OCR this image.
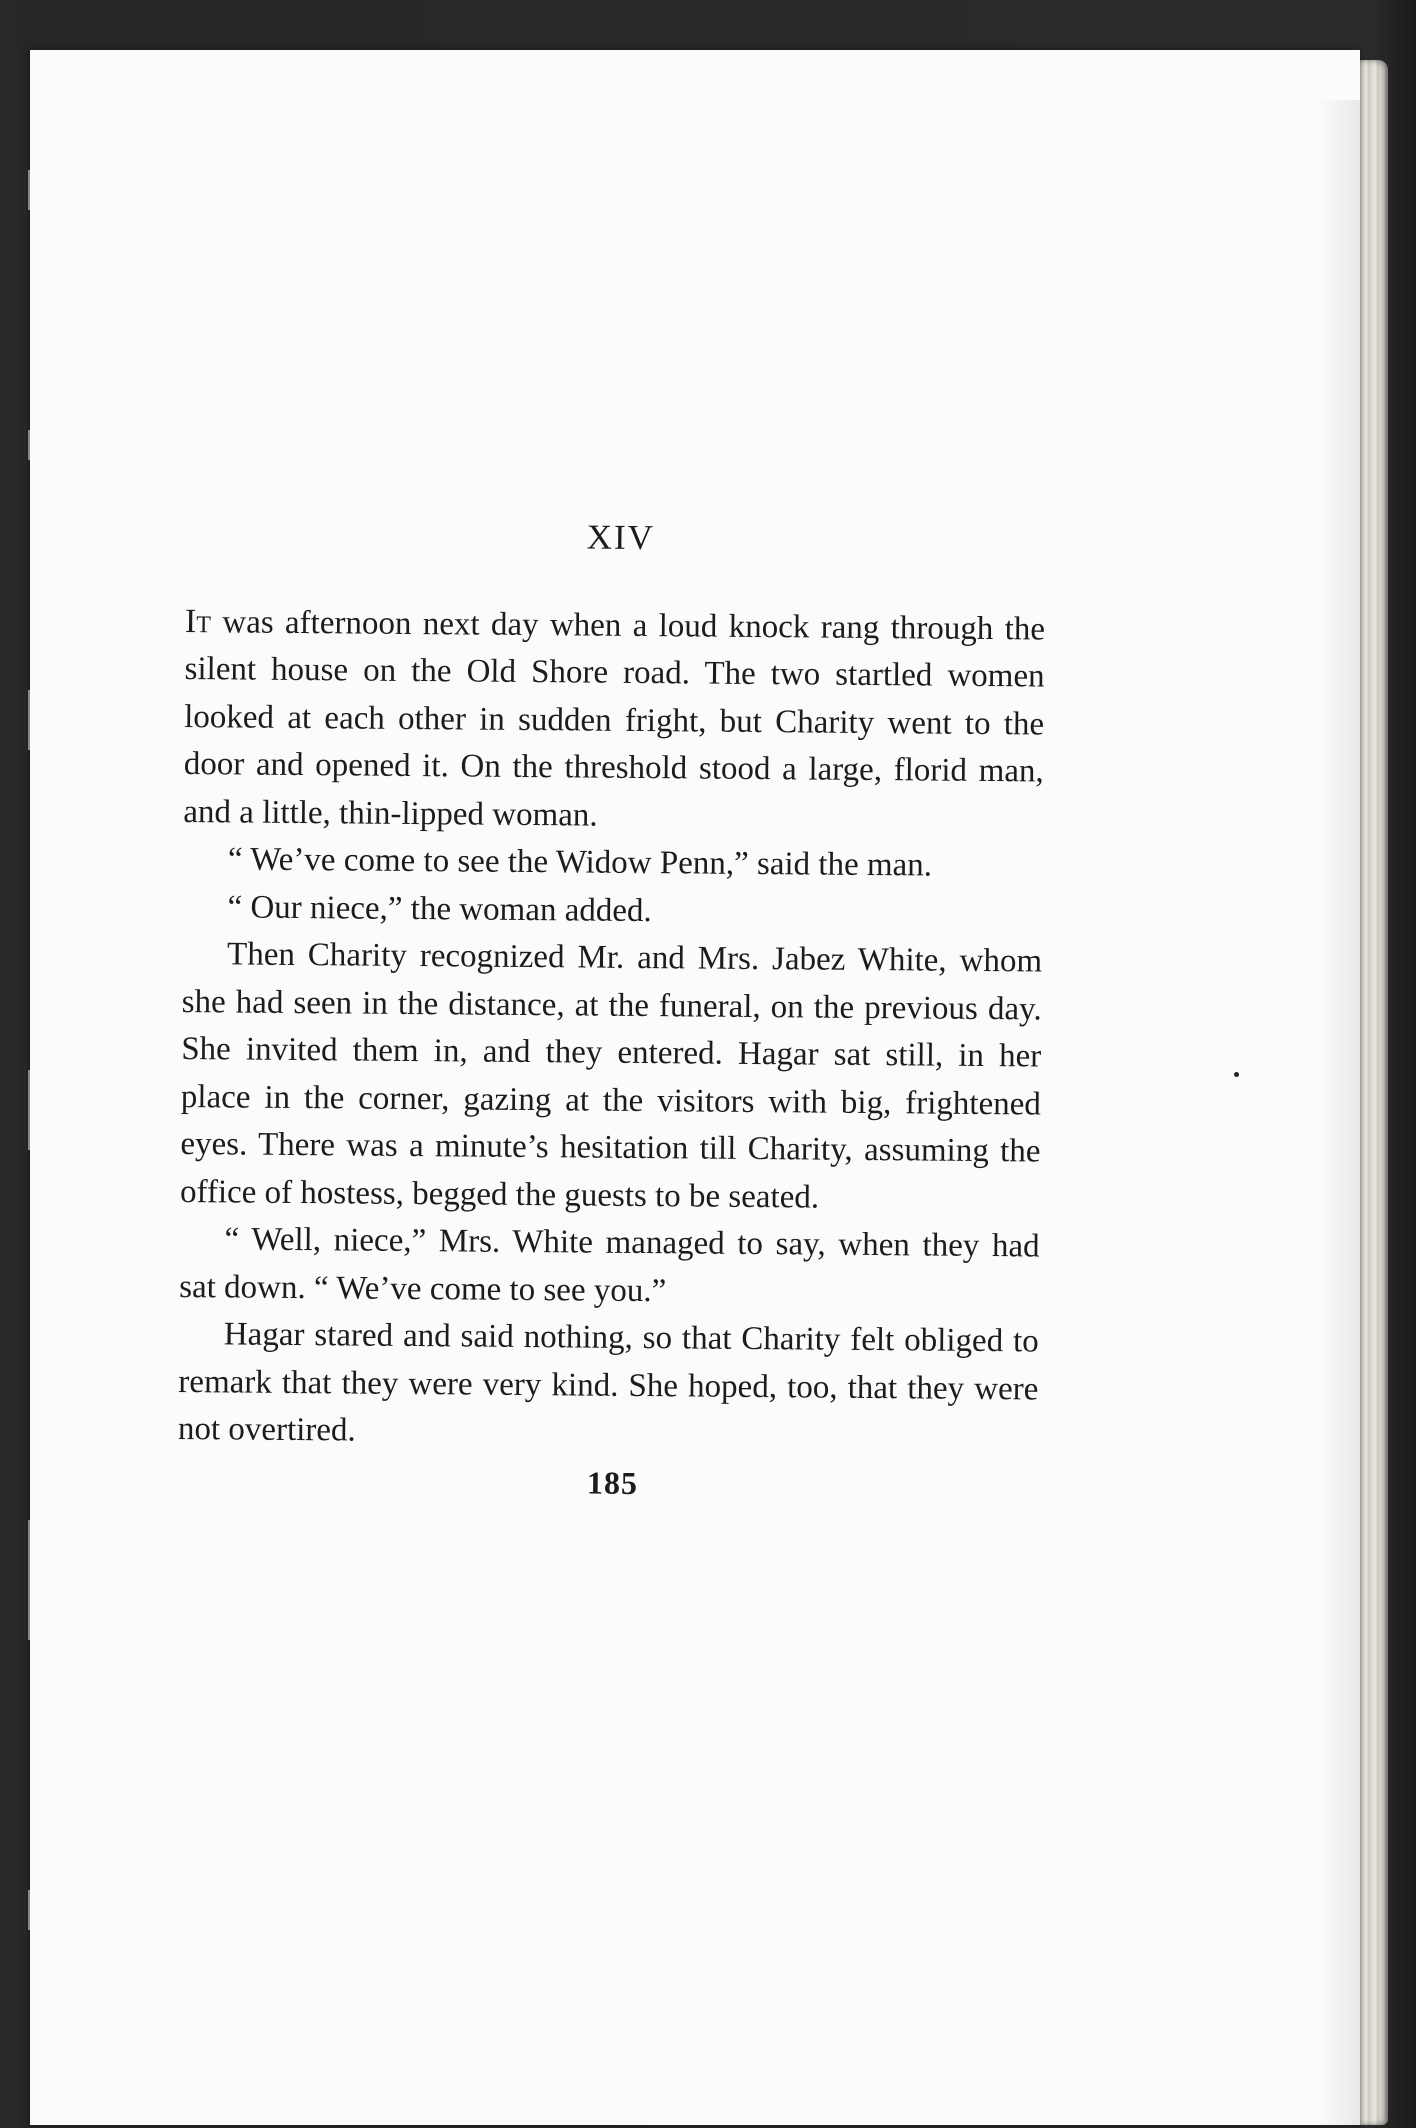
XIV

It was afternoon next day when a loud knock rang through the silent house on the Old Shore road. The two startled women looked at each other in sudden fright, but Charity went to the door and opened it. On the threshold stood a large, florid man, and a little, thin-lipped woman.

“ We’ve come to see the Widow Penn,” said the man.

“ Our niece,” the woman added.

Then Charity recognized Mr. and Mrs. Jabez White, whom she had seen in the distance, at the funeral, on the previous day. She invited them in, and they entered. Hagar sat still, in her place in the corner, gazing at the visitors with big, frightened eyes. There was a minute’s hesitation till Charity, assuming the office of hostess, begged the guests to be seated.

“ Well, niece,” Mrs. White managed to say, when they had sat down. “ We’ve come to see you.”

Hagar stared and said nothing, so that Charity felt obliged to remark that they were very kind. She hoped, too, that they were not overtired.

185
